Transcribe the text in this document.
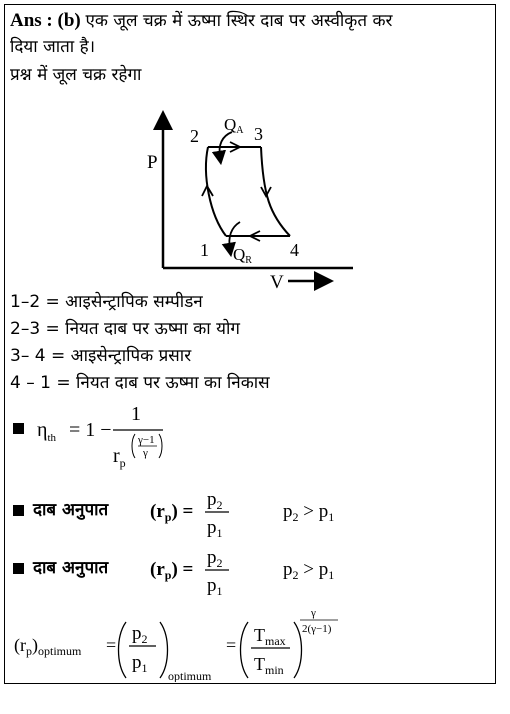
Ans : (b) एक जूल चक्र में ऊष्मा स्थिर दाब पर अस्वीकृत कर
दिया जाता है।
प्रश्न में जूल चक्र रहेगा
P
V
2	3
1	4
QA
QR
1–2 = आइसेन्ट्रापिक सम्पीडन
2–3 = नियत दाब पर ऊष्मा का योग
3– 4 = आइसेन्ट्रापिक प्रसार
4 – 1 = नियत दाब पर ऊष्मा का निकास
$\eta_{th} = 1$ −
1
$r_p$
γ−1
γ
दाब अनुपात $(r_p)$ =
$p_2$
$p_1$
$p_2 > p_1$
दाब अनुपात $(r_p)$ =
$p_2$
$p_1$
$p_2 > p_1$
$(r_p)_{optimum}$ =
$p_2$
$p_1$
optimum
= $T_{max}$
$T_{min}$
γ
2(γ−1)
